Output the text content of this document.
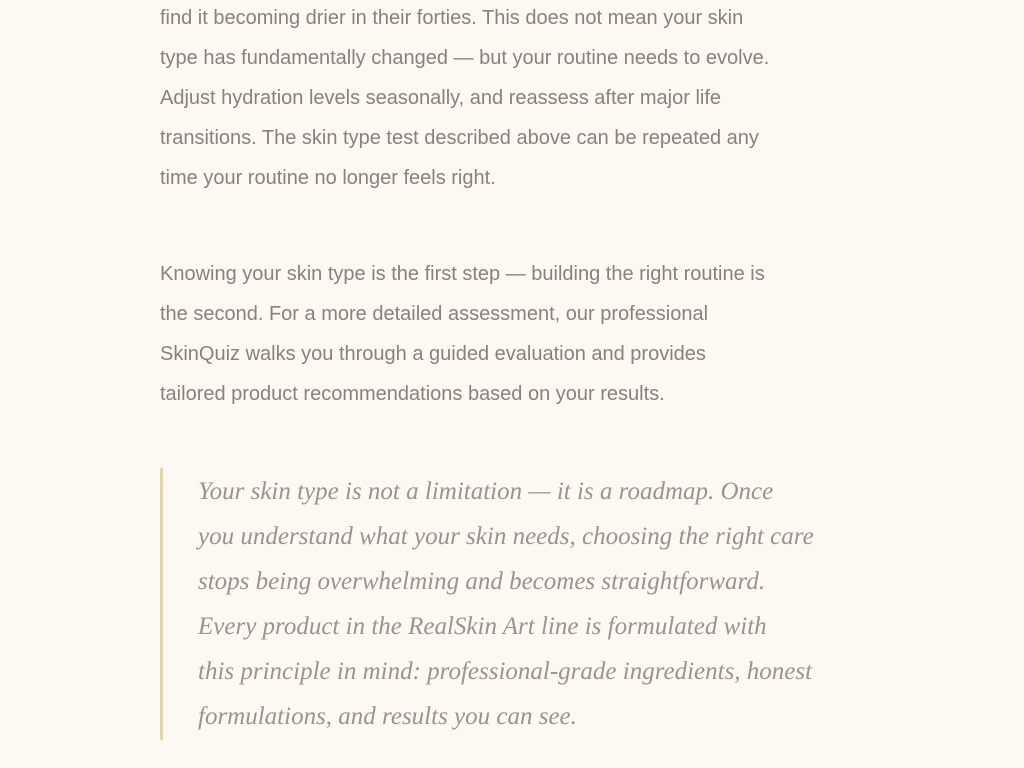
find it becoming drier in their forties. This does not mean your skin
type has fundamentally changed — but your routine needs to evolve.
Adjust hydration levels seasonally, and reassess after major life
transitions. The skin type test described above can be repeated any
time your routine no longer feels right.
Knowing your skin type is the first step — building the right routine is
the second. For a more detailed assessment, our professional
SkinQuiz walks you through a guided evaluation and provides
tailored product recommendations based on your results.
Your skin type is not a limitation — it is a roadmap. Once
you understand what your skin needs, choosing the right care
stops being overwhelming and becomes straightforward.
Every product in the RealSkin Art line is formulated with
this principle in mind: professional-grade ingredients, honest
formulations, and results you can see.
